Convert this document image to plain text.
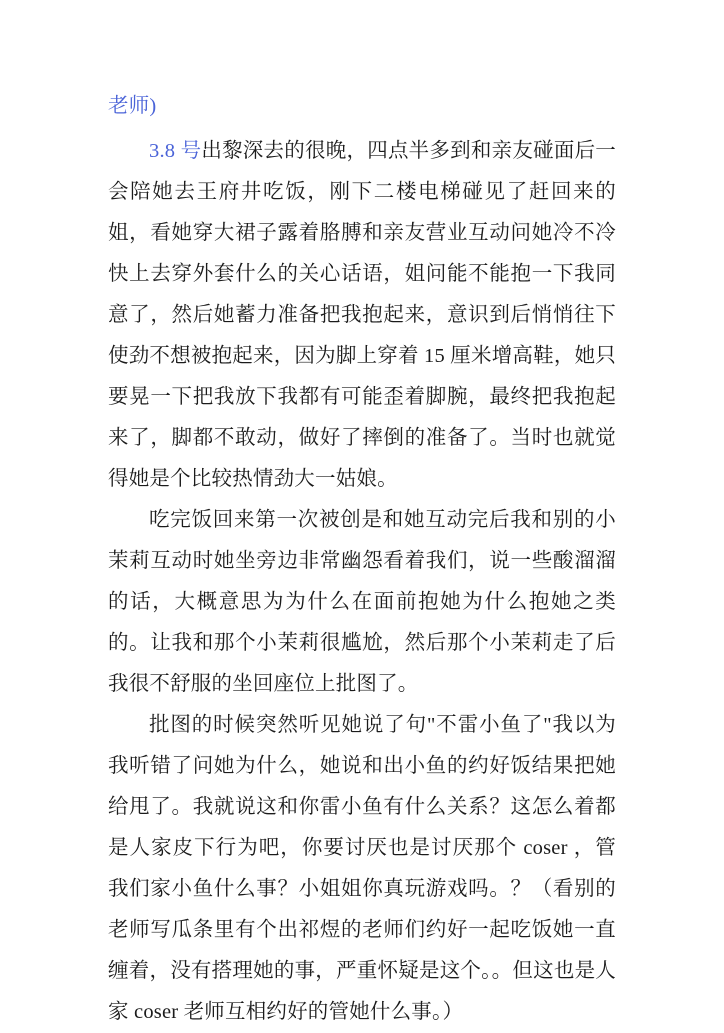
老师)

3.8 号出黎深去的很晚，四点半多到和亲友碰面后一会陪她去王府井吃饭，刚下二楼电梯碰见了赶回来的姐，看她穿大裙子露着胳膊和亲友营业互动问她冷不冷快上去穿外套什么的关心话语，姐问能不能抱一下我同意了，然后她蓄力准备把我抱起来，意识到后悄悄往下使劲不想被抱起来，因为脚上穿着 15 厘米增高鞋，她只要晃一下把我放下我都有可能歪着脚腕，最终把我抱起来了，脚都不敢动，做好了摔倒的准备了。当时也就觉得她是个比较热情劲大一姑娘。

吃完饭回来第一次被创是和她互动完后我和别的小茉莉互动时她坐旁边非常幽怨看着我们，说一些酸溜溜的话，大概意思为为什么在面前抱她为什么抱她之类的。让我和那个小茉莉很尴尬，然后那个小茉莉走了后我很不舒服的坐回座位上批图了。

批图的时候突然听见她说了句"不雷小鱼了"我以为我听错了问她为什么，她说和出小鱼的约好饭结果把她给甩了。我就说这和你雷小鱼有什么关系？这怎么着都是人家皮下行为吧，你要讨厌也是讨厌那个 coser ，管我们家小鱼什么事？小姐姐你真玩游戏吗。？（看别的老师写瓜条里有个出祁煜的老师们约好一起吃饭她一直缠着，没有搭理她的事，严重怀疑是这个。。但这也是人家 coser 老师互相约好的管她什么事。）
